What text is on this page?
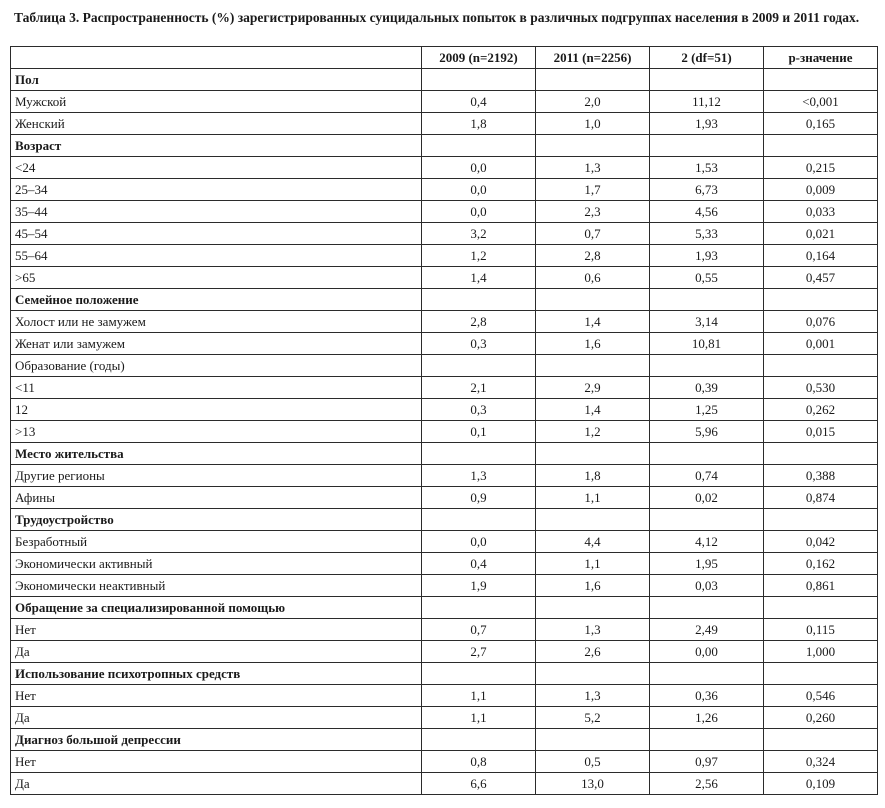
Таблица 3. Распространенность (%) зарегистрированных суицидальных попыток в различных подгруппах населения в 2009 и 2011 годах.
	2009 (n=2192)	2011 (n=2256)	2 (df=51)	p-значение
Пол				
Мужской	0,4	2,0	11,12	<0,001
Женский	1,8	1,0	1,93	0,165
Возраст				
<24	0,0	1,3	1,53	0,215
25–34	0,0	1,7	6,73	0,009
35–44	0,0	2,3	4,56	0,033
45–54	3,2	0,7	5,33	0,021
55–64	1,2	2,8	1,93	0,164
>65	1,4	0,6	0,55	0,457
Семейное положение				
Холост или не замужем	2,8	1,4	3,14	0,076
Женат или замужем	0,3	1,6	10,81	0,001
Образование (годы)				
<11	2,1	2,9	0,39	0,530
12	0,3	1,4	1,25	0,262
>13	0,1	1,2	5,96	0,015
Место жительства				
Другие регионы	1,3	1,8	0,74	0,388
Афины	0,9	1,1	0,02	0,874
Трудоустройство				
Безработный	0,0	4,4	4,12	0,042
Экономически активный	0,4	1,1	1,95	0,162
Экономически неактивный	1,9	1,6	0,03	0,861
Обращение за специализированной помощью				
Нет	0,7	1,3	2,49	0,115
Да	2,7	2,6	0,00	1,000
Использование психотропных средств				
Нет	1,1	1,3	0,36	0,546
Да	1,1	5,2	1,26	0,260
Диагноз большой депрессии				
Нет	0,8	0,5	0,97	0,324
Да	6,6	13,0	2,56	0,109
